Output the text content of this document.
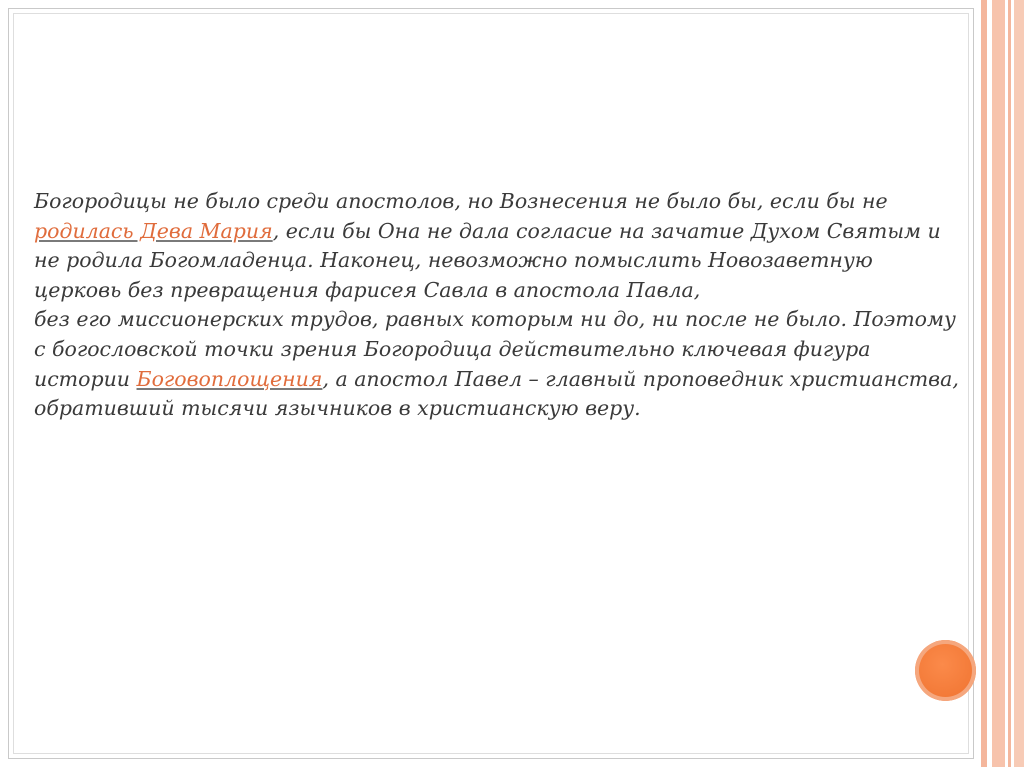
Богородицы не было среди апостолов, но Вознесения не было бы, если бы не родилась Дева Мария, если бы Она не дала согласие на зачатие Духом Святым и не родила Богомладенца. Наконец, невозможно помыслить Новозаветную церковь без превращения фарисея Савла в апостола Павла,

без его миссионерских трудов, равных которым ни до, ни после не было. Поэтому с богословской точки зрения Богородица действительно ключевая фигура истории Боговоплощения, а апостол Павел – главный проповедник христианства, обративший тысячи язычников в христианскую веру.
